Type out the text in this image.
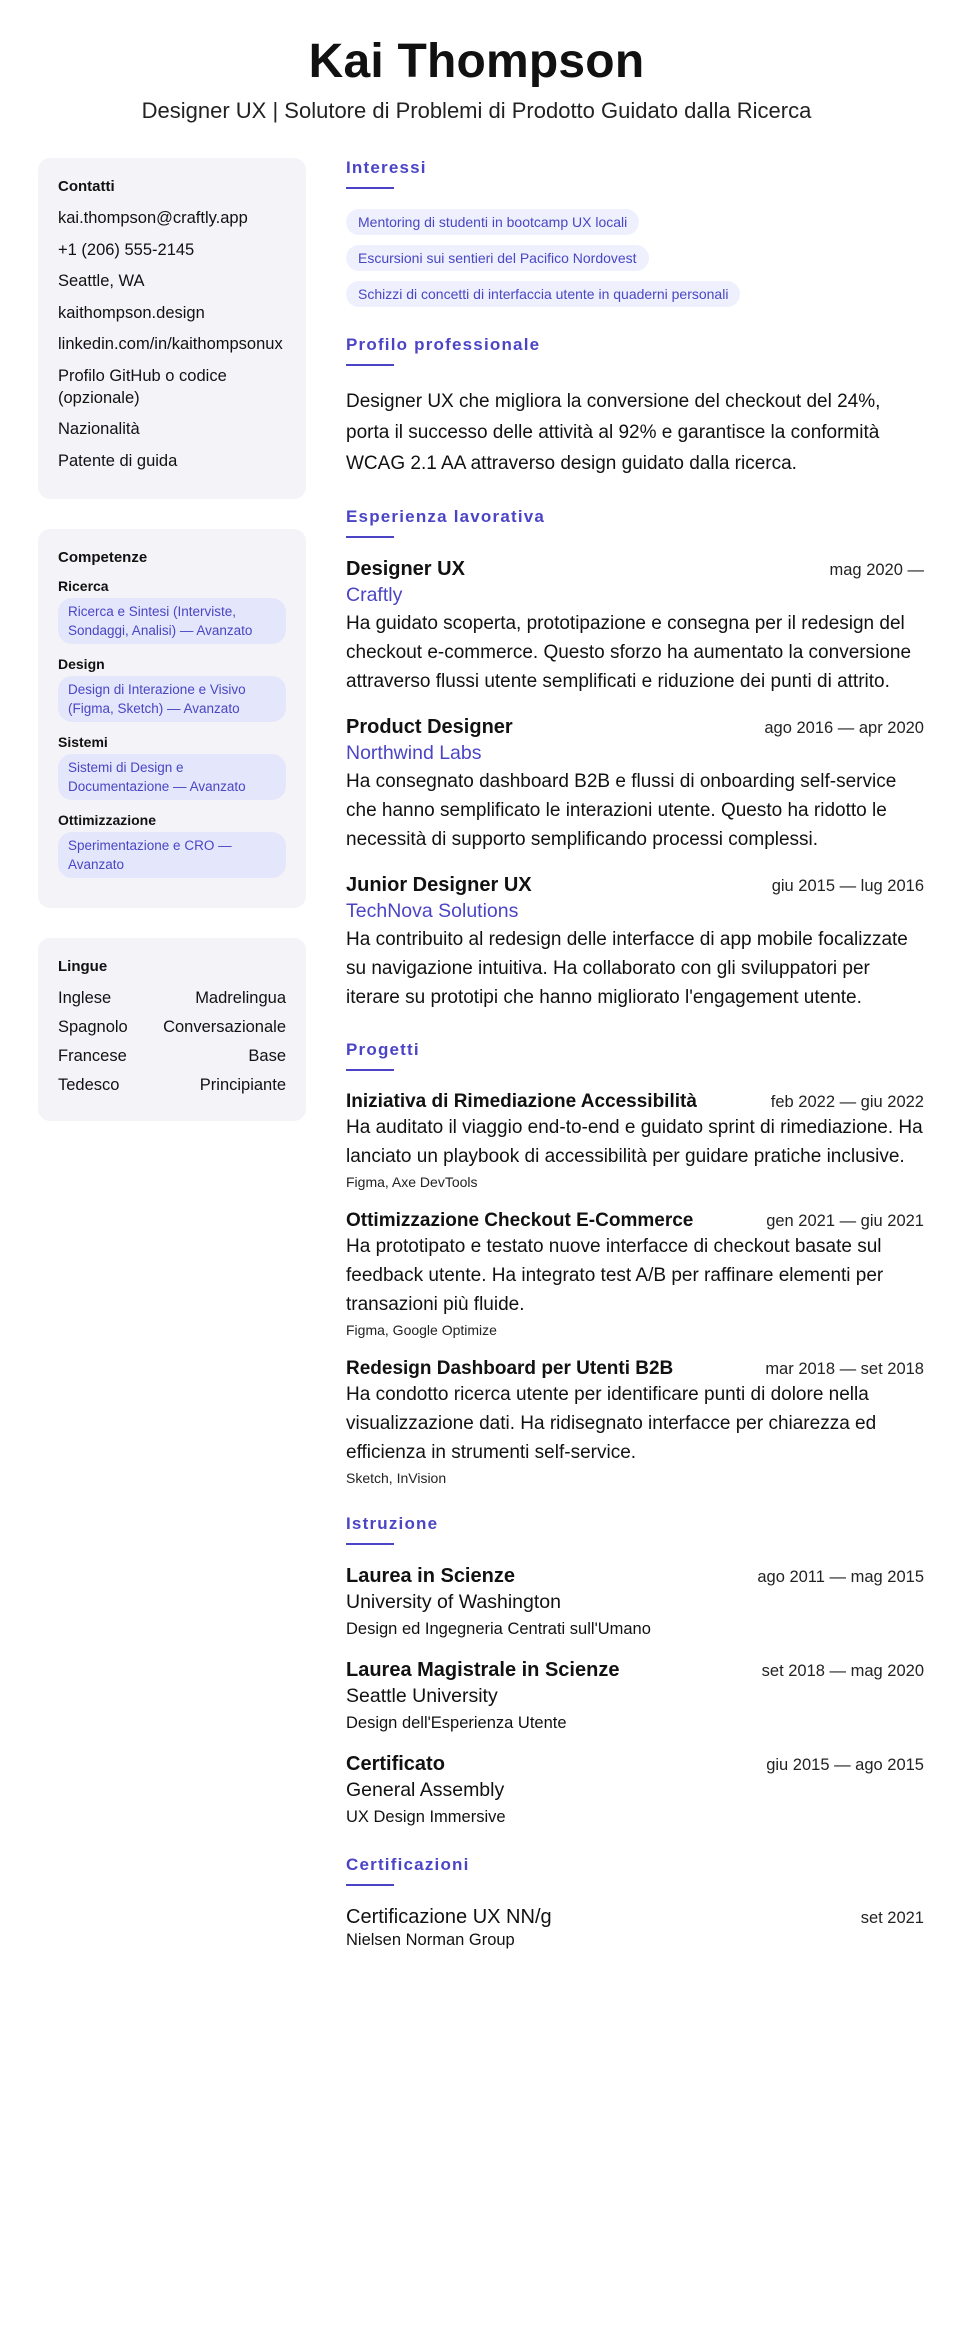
Kai Thompson
Designer UX | Solutore di Problemi di Prodotto Guidato dalla Ricerca
Contatti
kai.thompson@craftly.app
+1 (206) 555-2145
Seattle, WA
kaithompson.design
linkedin.com/in/kaithompsonux
Profilo GitHub o codice (opzionale)
Nazionalità
Patente di guida
Competenze
Ricerca
Ricerca e Sintesi (Interviste, Sondaggi, Analisi) — Avanzato
Design
Design di Interazione e Visivo (Figma, Sketch) — Avanzato
Sistemi
Sistemi di Design e Documentazione — Avanzato
Ottimizzazione
Sperimentazione e CRO — Avanzato
Lingue
Inglese	Madrelingua
Spagnolo Conversazionale
Francese	Base
Tedesco	Principiante
Interessi
Mentoring di studenti in bootcamp UX locali
Escursioni sui sentieri del Pacifico Nordovest
Schizzi di concetti di interfaccia utente in quaderni personali
Profilo professionale
Designer UX che migliora la conversione del checkout del 24%, porta il successo delle attività al 92% e garantisce la conformità WCAG 2.1 AA attraverso design guidato dalla ricerca.
Esperienza lavorativa
Designer UX	mag 2020 —
Craftly
Ha guidato scoperta, prototipazione e consegna per il redesign del checkout e-commerce. Questo sforzo ha aumentato la conversione attraverso flussi utente semplificati e riduzione dei punti di attrito.
Product Designer	ago 2016 — apr 2020
Northwind Labs
Ha consegnato dashboard B2B e flussi di onboarding self-service che hanno semplificato le interazioni utente. Questo ha ridotto le necessità di supporto semplificando processi complessi.
Junior Designer UX	giu 2015 — lug 2016
TechNova Solutions
Ha contribuito al redesign delle interfacce di app mobile focalizzate su navigazione intuitiva. Ha collaborato con gli sviluppatori per iterare su prototipi che hanno migliorato l'engagement utente.
Progetti
Iniziativa di Rimediazione Accessibilità	feb 2022 — giu 2022
Ha auditato il viaggio end-to-end e guidato sprint di rimediazione. Ha lanciato un playbook di accessibilità per guidare pratiche inclusive.
Figma, Axe DevTools
Ottimizzazione Checkout E-Commerce	gen 2021 — giu 2021
Ha prototipato e testato nuove interfacce di checkout basate sul feedback utente. Ha integrato test A/B per raffinare elementi per transazioni più fluide.
Figma, Google Optimize
Redesign Dashboard per Utenti B2B	mar 2018 — set 2018
Ha condotto ricerca utente per identificare punti di dolore nella visualizzazione dati. Ha ridisegnato interfacce per chiarezza ed efficienza in strumenti self-service.
Sketch, InVision
Istruzione
Laurea in Scienze	ago 2011 — mag 2015
University of Washington
Design ed Ingegneria Centrati sull'Umano
Laurea Magistrale in Scienze	set 2018 — mag 2020
Seattle University
Design dell'Esperienza Utente
Certificato	giu 2015 — ago 2015
General Assembly
UX Design Immersive
Certificazioni
Certificazione UX NN/g	set 2021
Nielsen Norman Group
